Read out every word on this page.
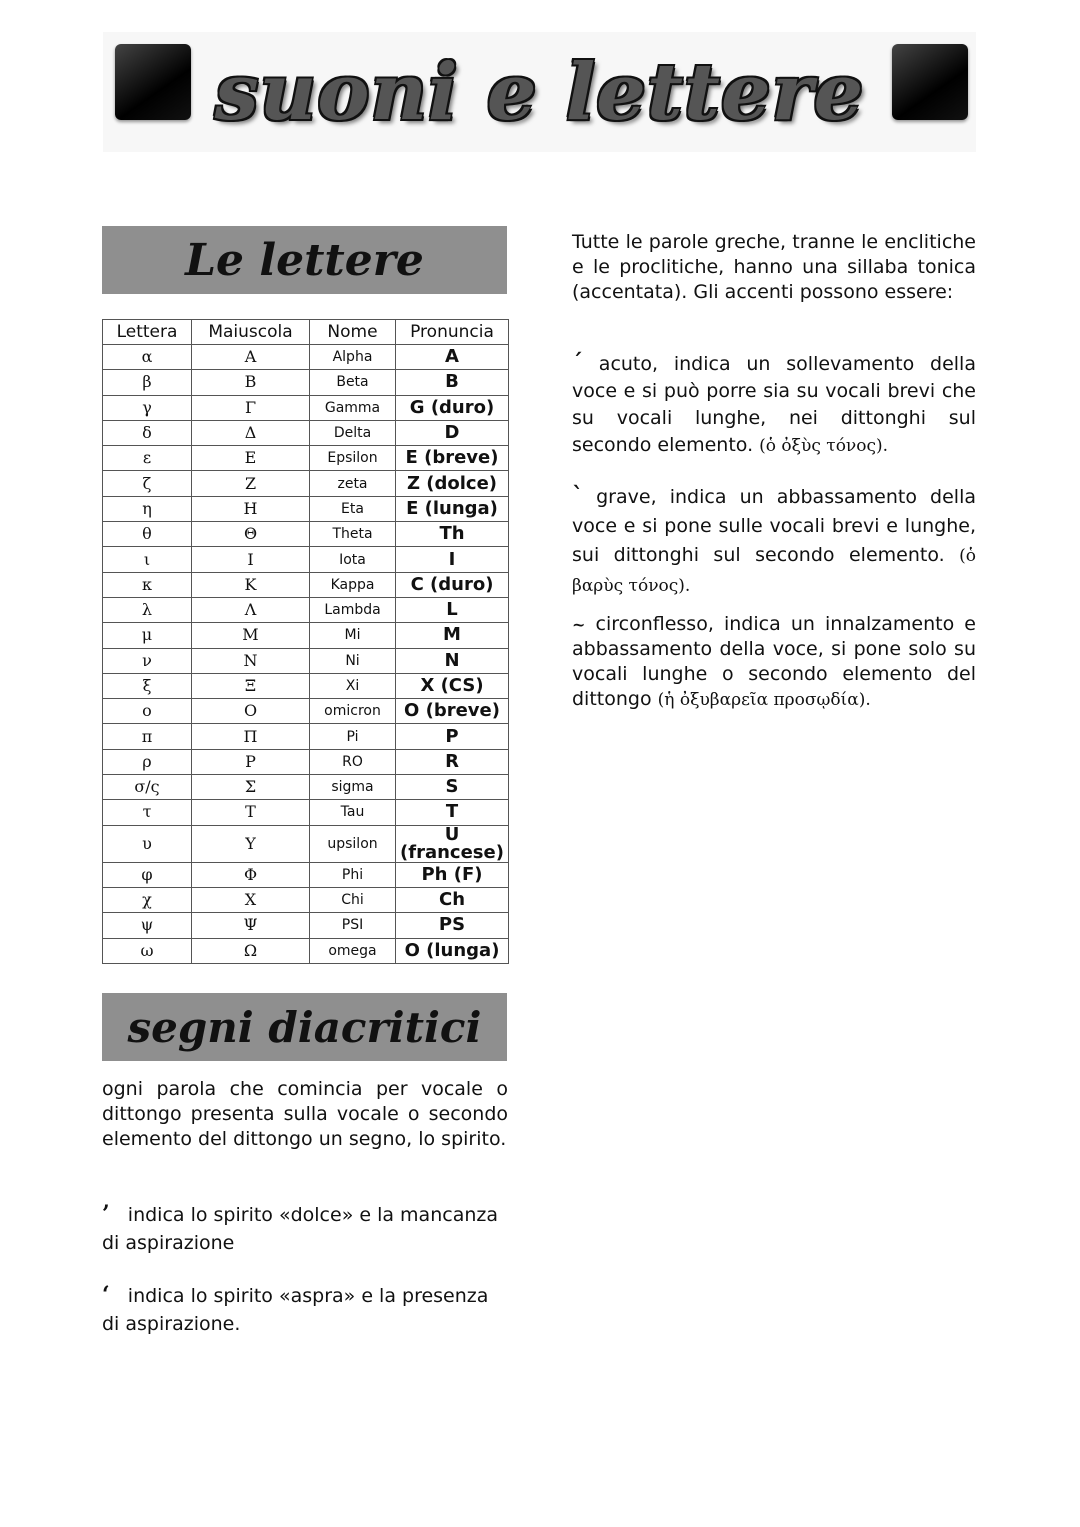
suoni e lettere
Le lettere
Lettera	Maiuscola	Nome	Pronuncia
α	Α	Alpha	A
β	Β	Beta	B
γ	Γ	Gamma	G (duro)
δ	Δ	Delta	D
ε	Ε	Epsilon	E (breve)
ζ	Ζ	zeta	Z (dolce)
η	Η	Eta	E (lunga)
θ	Θ	Theta	Th
ι	Ι	Iota	I
κ	Κ	Kappa	C (duro)
λ	Λ	Lambda	L
μ	Μ	Mi	M
ν	Ν	Ni	N
ξ	Ξ	Xi	X (CS)
ο	Ο	omicron	O (breve)
π	Π	Pi	P
ρ	Ρ	RO	R
σ/ς	Σ	sigma	S
τ	Τ	Tau	T
υ	Υ	upsilon	U (francese)
φ	Φ	Phi	Ph (F)
χ	Χ	Chi	Ch
ψ	Ψ	PSI	PS
ω	Ω	omega	O (lunga)

Tutte le parole greche, tranne le enclitiche e le proclitiche, hanno una sillaba tonica (accentata). Gli accenti possono essere:

´ acuto, indica un sollevamento della voce e si può porre sia su vocali brevi che su vocali lunghe, nei dittonghi sul secondo elemento. (ὁ ὀξὺς τόνος).

` grave, indica un abbassamento della voce e si pone sulle vocali brevi e lunghe, sui dittonghi sul secondo elemento. (ὁ βαρὺς τόνος).

~ circonflesso, indica un innalzamento e abbassamento della voce, si pone solo su vocali lunghe o secondo elemento del dittongo (ἡ ὀξυβαρεῖα προσῳδία).

segni diacritici

ogni parola che comincia per vocale o dittongo presenta sulla vocale o secondo elemento del dittongo un segno, lo spirito.

’ indica lo spirito «dolce» e la mancanza di aspirazione

‘ indica lo spirito «aspra» e la presenza di aspirazione.
